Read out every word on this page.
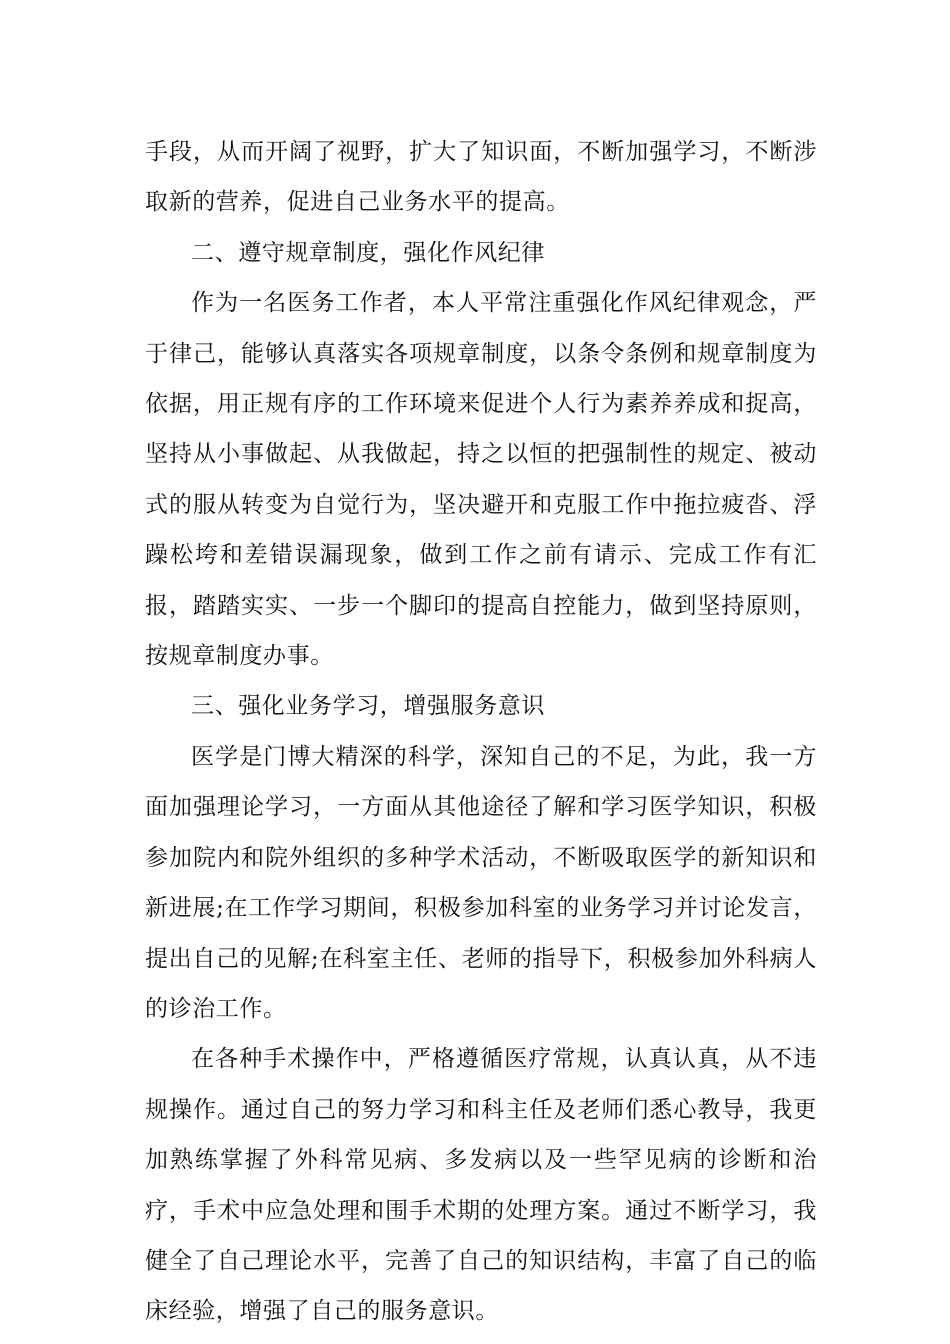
手段，从而开阔了视野，扩大了知识面，不断加强学习，不断涉取新的营养，促进自己业务水平的提高。

二、遵守规章制度，强化作风纪律

作为一名医务工作者，本人平常注重强化作风纪律观念，严于律己，能够认真落实各项规章制度，以条令条例和规章制度为依据，用正规有序的工作环境来促进个人行为素养养成和捉高，坚持从小事做起、从我做起，持之以恒的把强制性的规定、被动式的服从转变为自觉行为，坚决避开和克服工作中拖拉疲沓、浮躁松垮和差错误漏现象，做到工作之前有请示、完成工作有汇报，踏踏实实、一步一个脚印的提高自控能力，做到坚持原则，按规章制度办事。

三、强化业务学习，增强服务意识

医学是门博大精深的科学，深知自己的不足，为此，我一方面加强理论学习，一方面从其他途径了解和学习医学知识，积极参加院内和院外组织的多种学术活动，不断吸取医学的新知识和新进展;在工作学习期间，积极参加科室的业务学习并讨论发言，提出自己的见解;在科室主任、老师的指导下，积极参加外科病人的诊治工作。

在各种手术操作中，严格遵循医疗常规，认真认真，从不违规操作。通过自己的努力学习和科主任及老师们悉心教导，我更加熟练掌握了外科常见病、多发病以及一些罕见病的诊断和治疗，手术中应急处理和围手术期的处理方案。通过不断学习，我健全了自己理论水平，完善了自己的知识结构，丰富了自己的临床经验，增强了自己的服务意识。
